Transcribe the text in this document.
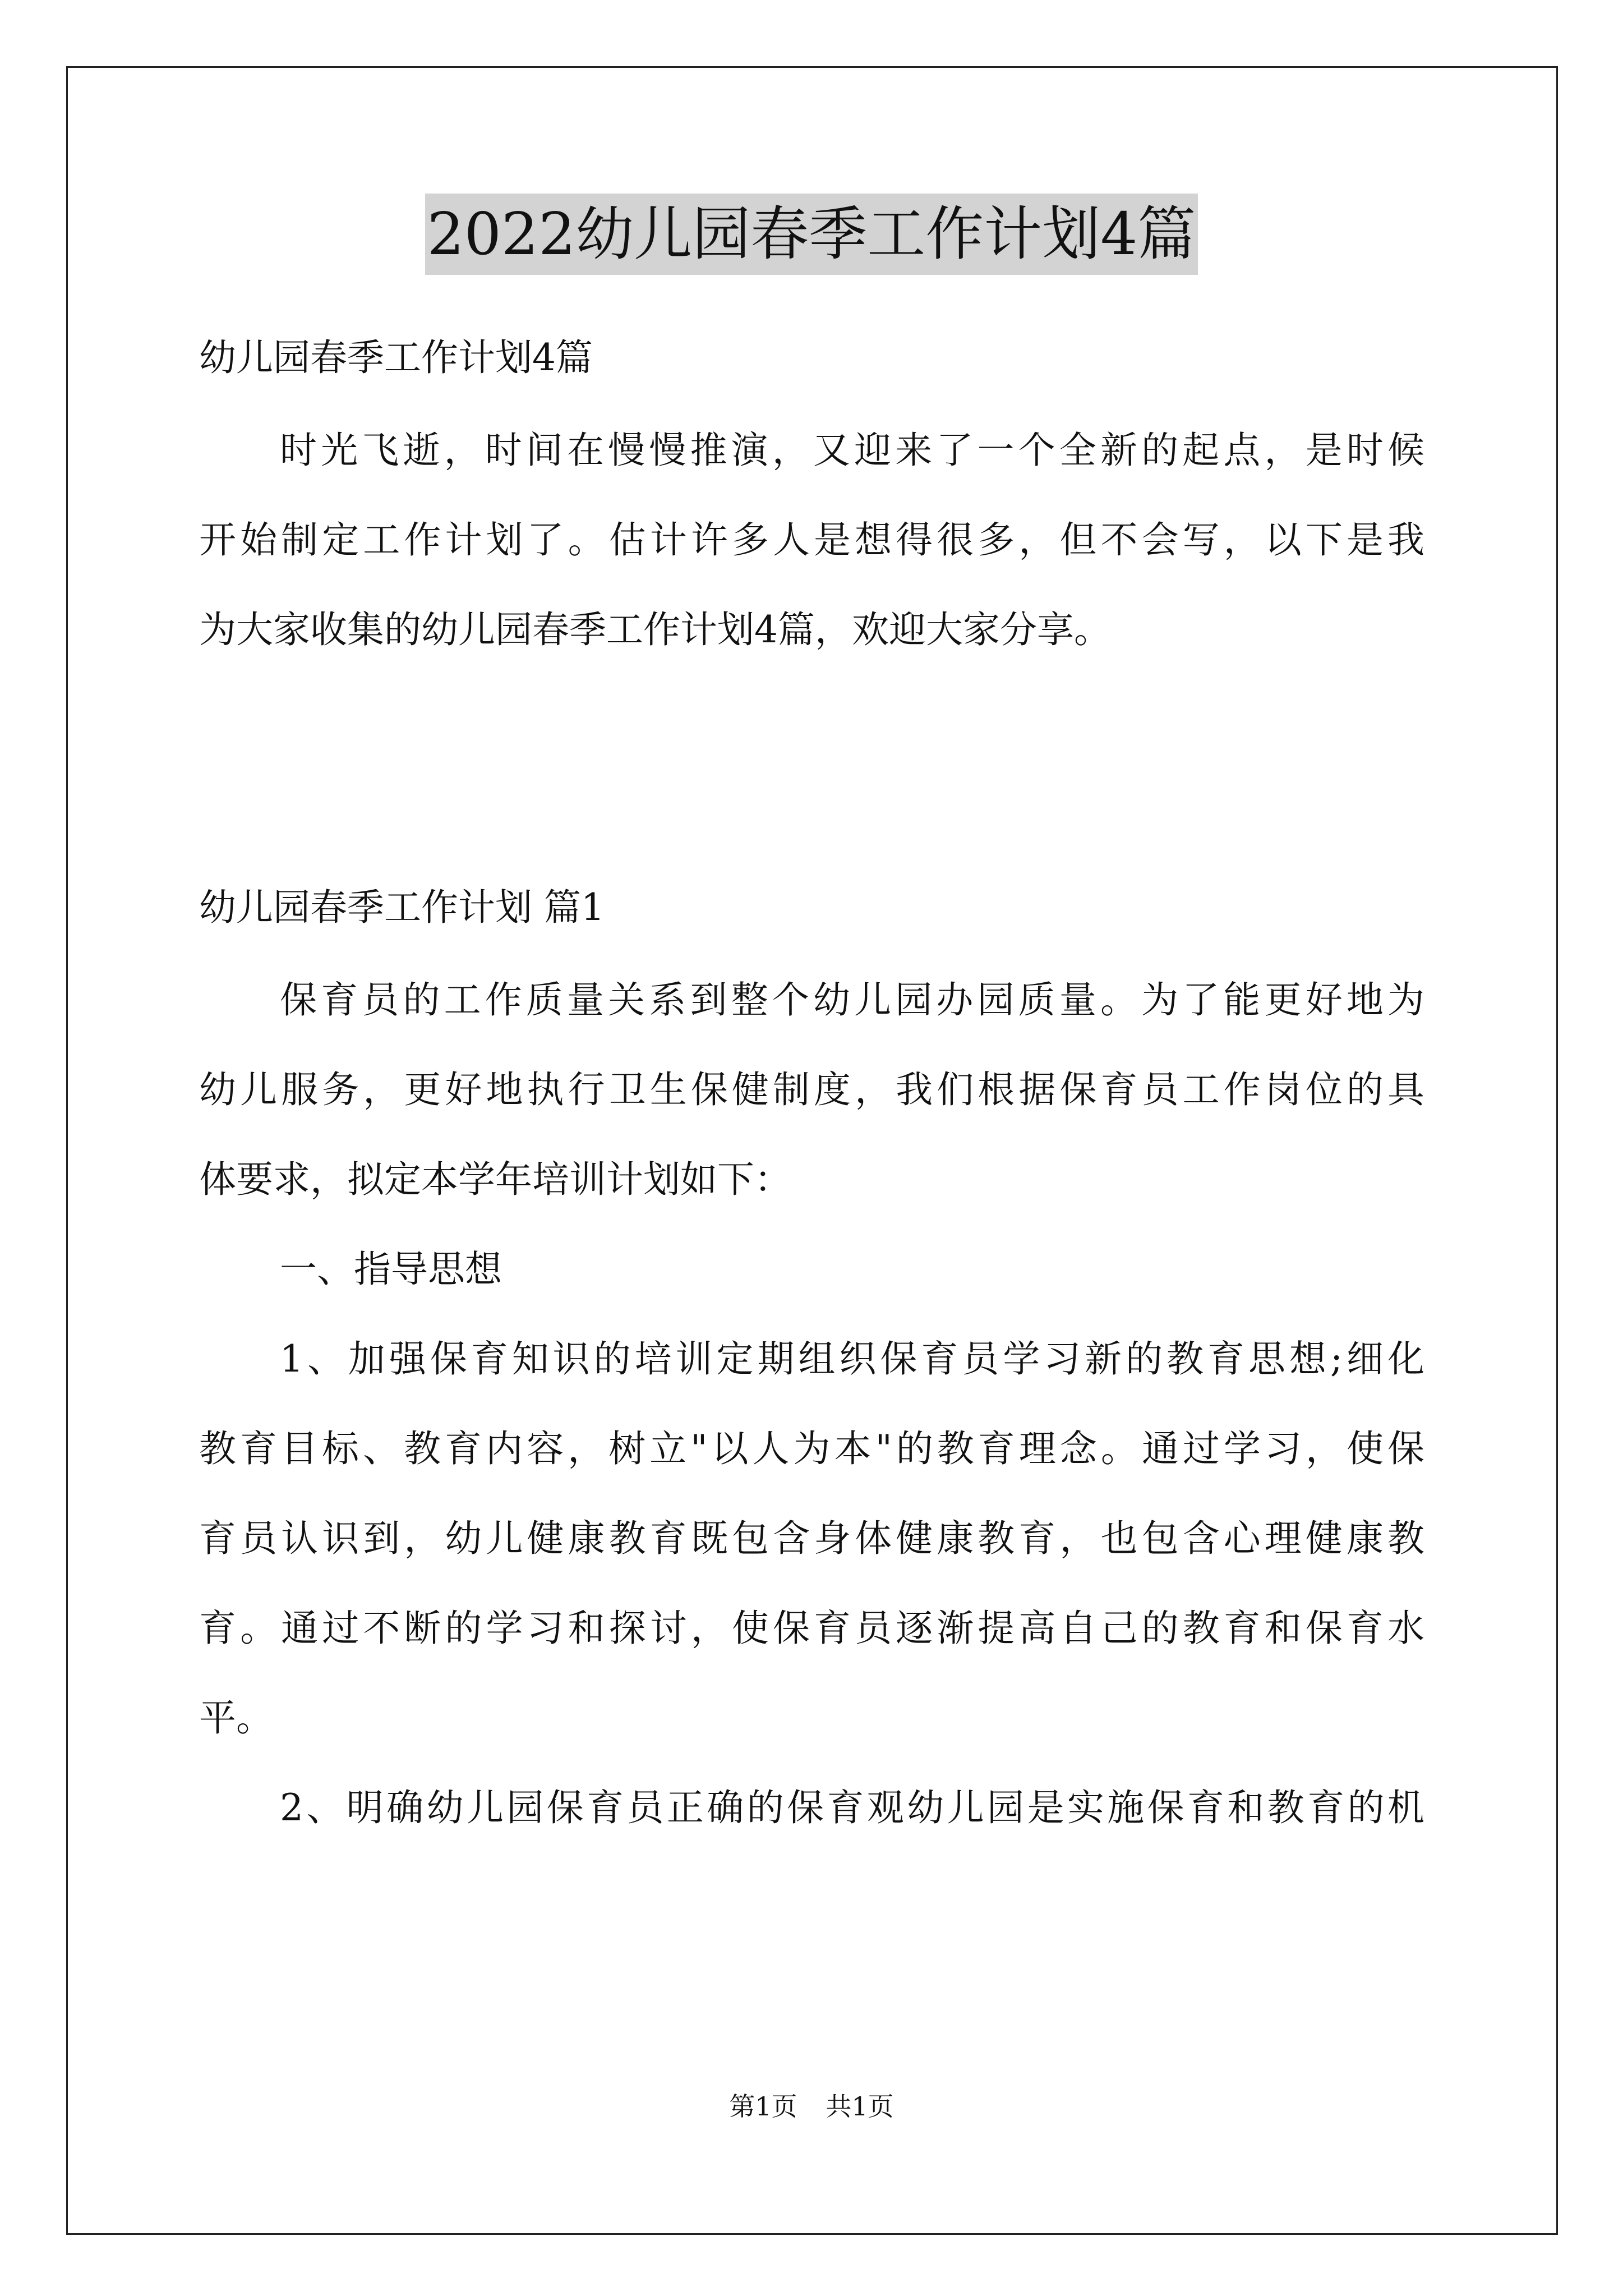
2022幼儿园春季工作计划4篇
幼儿园春季工作计划4篇
时光飞逝，时间在慢慢推演，又迎来了一个全新的起点，是时候
开始制定工作计划了。估计许多人是想得很多，但不会写，以下是我
为大家收集的幼儿园春季工作计划4篇，欢迎大家分享。
幼儿园春季工作计划 篇1
保育员的工作质量关系到整个幼儿园办园质量。为了能更好地为
幼儿服务，更好地执行卫生保健制度，我们根据保育员工作岗位的具
体要求，拟定本学年培训计划如下：
一、指导思想
1、加强保育知识的培训定期组织保育员学习新的教育思想;细化
教育目标、教育内容，树立"以人为本"的教育理念。通过学习，使保
育员认识到，幼儿健康教育既包含身体健康教育，也包含心理健康教
育。通过不断的学习和探讨，使保育员逐渐提高自己的教育和保育水
平。
2、明确幼儿园保育员正确的保育观幼儿园是实施保育和教育的机
第1页 共1页
